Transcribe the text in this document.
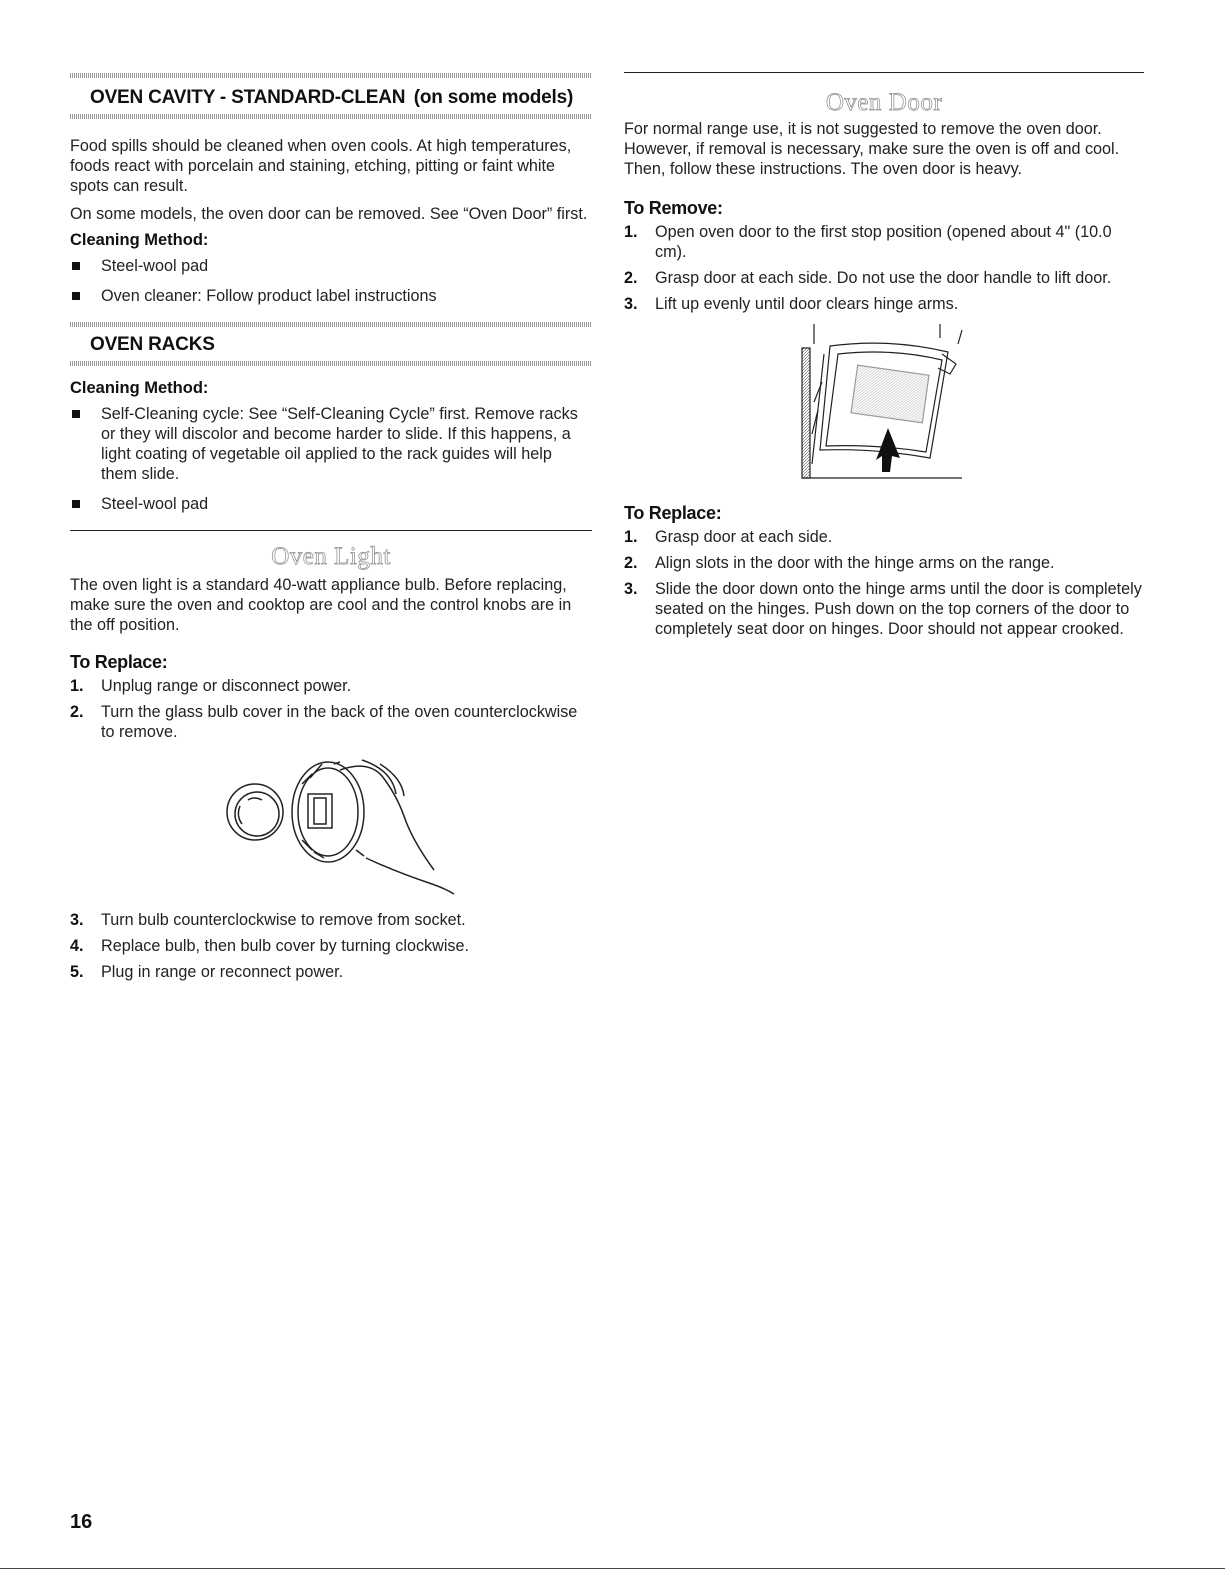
OVEN CAVITY - STANDARD-CLEAN (on some models)

Food spills should be cleaned when oven cools. At high temperatures, foods react with porcelain and staining, etching, pitting or faint white spots can result.

On some models, the oven door can be removed. See “Oven Door” first.

Cleaning Method:

Steel-wool pad
Oven cleaner: Follow product label instructions
OVEN RACKS

Cleaning Method:

Self-Cleaning cycle: See “Self-Cleaning Cycle” first. Remove racks or they will discolor and become harder to slide. If this happens, a light coating of vegetable oil applied to the rack guides will help them slide.
Steel-wool pad
Oven Light

The oven light is a standard 40-watt appliance bulb. Before replacing, make sure the oven and cooktop are cool and the control knobs are in the off position.

To Replace:

1. Unplug range or disconnect power.
2. Turn the glass bulb cover in the back of the oven counterclockwise to remove.
3. Turn bulb counterclockwise to remove from socket.
4. Replace bulb, then bulb cover by turning clockwise.
5. Plug in range or reconnect power.
Oven Door

For normal range use, it is not suggested to remove the oven door. However, if removal is necessary, make sure the oven is off and cool. Then, follow these instructions. The oven door is heavy.

To Remove:

1. Open oven door to the first stop position (opened about 4" (10.0 cm).
2. Grasp door at each side. Do not use the door handle to lift door.
3. Lift up evenly until door clears hinge arms.

To Replace:

1. Grasp door at each side.
2. Align slots in the door with the hinge arms on the range.
3. Slide the door down onto the hinge arms until the door is completely seated on the hinges. Push down on the top corners of the door to completely seat door on hinges. Door should not appear crooked.
16
